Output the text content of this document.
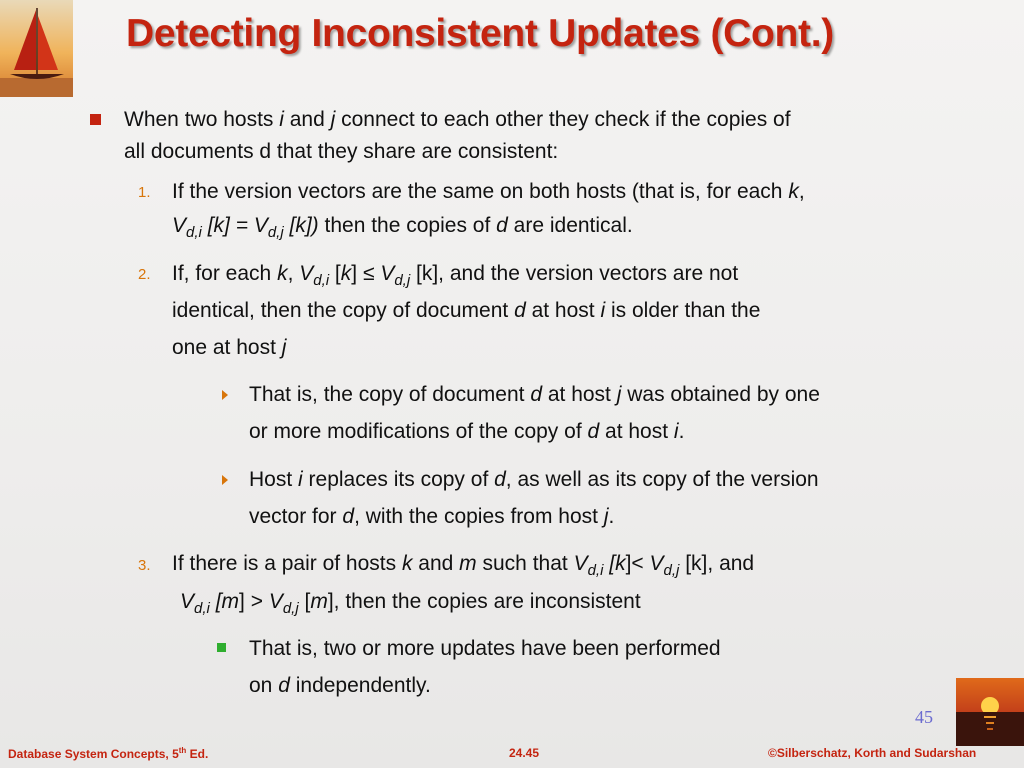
Detecting Inconsistent Updates (Cont.)
When two hosts i and j connect to each other they check if the copies of
all documents d that they share are consistent:
1. If the version vectors are the same on both hosts (that is, for each k,
$V_{d,i}$ $[k] = V_{d,j}$ [k]) then the copies of d are identical.
2. If, for each k, $V_{d,i}$ $[k] \le V_{d,j}$ [k], and the version vectors are not
identical, then the copy of document d at host i is older than the
one at host j
That is, the copy of document d at host j was obtained by one
or more modifications of the copy of d at host i.
Host i replaces its copy of d, as well as its copy of the version
vector for d, with the copies from host j.
3. If there is a pair of hosts k and m such that $V_{d,i}$ $[k]< V_{d,j}$ [k], and
$V_{d,i}$ $[m] > V_{d,j}$ [m], then the copies are inconsistent
That is, two or more updates have been performed
on d independently.
45
Database System Concepts, 5th Ed.	24.45	©Silberschatz, Korth and Sudarshan
